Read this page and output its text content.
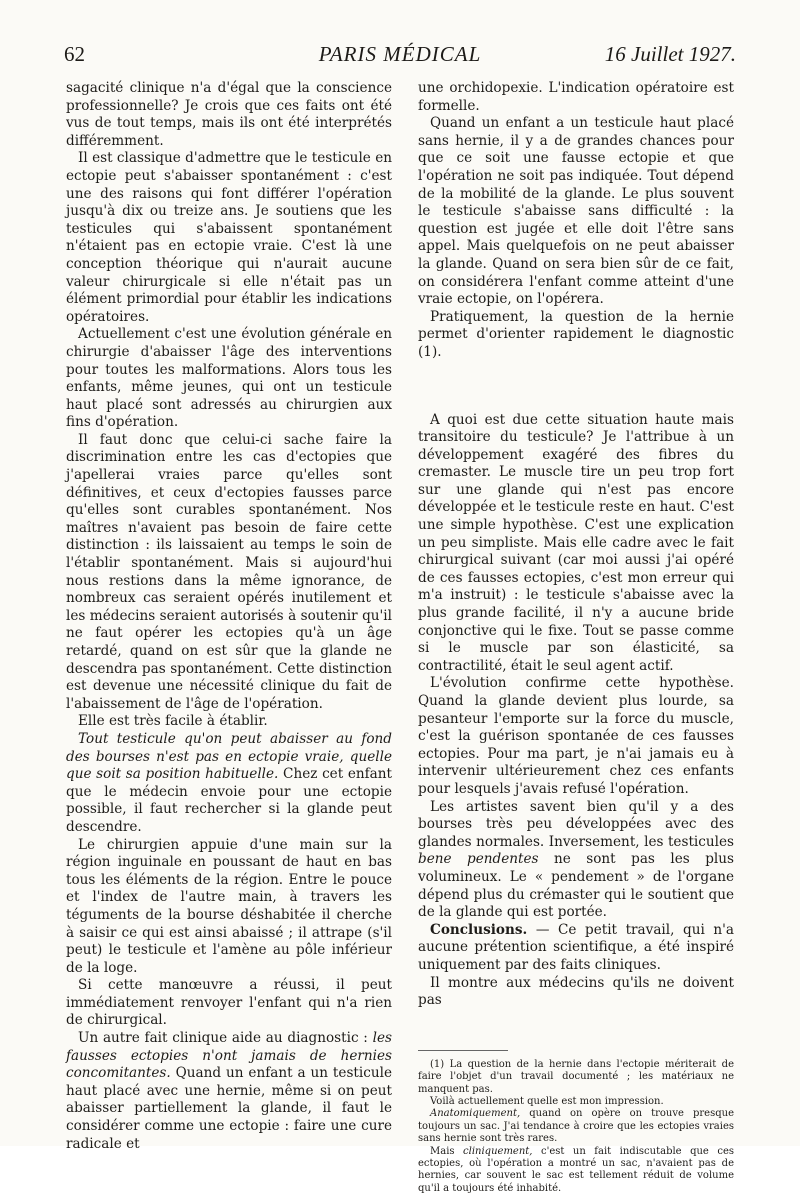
62	PARIS MÉDICAL	16 Juillet 1927.

sagacité clinique n'a d'égal que la conscience professionnelle? Je crois que ces faits ont été vus de tout temps, mais ils ont été interprétés différemment.

Il est classique d'admettre que le testicule en ectopie peut s'abaisser spontanément : c'est une des raisons qui font différer l'opération jusqu'à dix ou treize ans. Je soutiens que les testicules qui s'abaissent spontanément n'étaient pas en ectopie vraie. C'est là une conception théorique qui n'aurait aucune valeur chirurgicale si elle n'était pas un élément primordial pour établir les indications opératoires.

Actuellement c'est une évolution générale en chirurgie d'abaisser l'âge des interventions pour toutes les malformations. Alors tous les enfants, même jeunes, qui ont un testicule haut placé sont adressés au chirurgien aux fins d'opération.

Il faut donc que celui-ci sache faire la discrimination entre les cas d'ectopies que j'apellerai vraies parce qu'elles sont définitives, et ceux d'ectopies fausses parce qu'elles sont curables spontanément. Nos maîtres n'avaient pas besoin de faire cette distinction : ils laissaient au temps le soin de l'établir spontanément. Mais si aujourd'hui nous restions dans la même ignorance, de nombreux cas seraient opérés inutilement et les médecins seraient autorisés à soutenir qu'il ne faut opérer les ectopies qu'à un âge retardé, quand on est sûr que la glande ne descendra pas spontanément. Cette distinction est devenue une nécessité clinique du fait de l'abaissement de l'âge de l'opération.

Elle est très facile à établir.

Tout testicule qu'on peut abaisser au fond des bourses n'est pas en ectopie vraie, quelle que soit sa position habituelle. Chez cet enfant que le médecin envoie pour une ectopie possible, il faut rechercher si la glande peut descendre.

Le chirurgien appuie d'une main sur la région inguinale en poussant de haut en bas tous les éléments de la région. Entre le pouce et l'index de l'autre main, à travers les téguments de la bourse déshabitée il cherche à saisir ce qui est ainsi abaissé ; il attrape (s'il peut) le testicule et l'amène au pôle inférieur de la loge.

Si cette manœuvre a réussi, il peut immédiatement renvoyer l'enfant qui n'a rien de chirurgical.

Un autre fait clinique aide au diagnostic : les fausses ectopies n'ont jamais de hernies concomitantes. Quand un enfant a un testicule haut placé avec une hernie, même si on peut abaisser partiellement la glande, il faut le considérer comme une ectopie : faire une cure radicale et

une orchidopexie. L'indication opératoire est formelle.

Quand un enfant a un testicule haut placé sans hernie, il y a de grandes chances pour que ce soit une fausse ectopie et que l'opération ne soit pas indiquée. Tout dépend de la mobilité de la glande. Le plus souvent le testicule s'abaisse sans difficulté : la question est jugée et elle doit l'être sans appel. Mais quelquefois on ne peut abaisser la glande. Quand on sera bien sûr de ce fait, on considérera l'enfant comme atteint d'une vraie ectopie, on l'opérera.

Pratiquement, la question de la hernie permet d'orienter rapidement le diagnostic (1).

A quoi est due cette situation haute mais transitoire du testicule? Je l'attribue à un développement exagéré des fibres du cremaster. Le muscle tire un peu trop fort sur une glande qui n'est pas encore développée et le testicule reste en haut. C'est une simple hypothèse. C'est une explication un peu simpliste. Mais elle cadre avec le fait chirurgical suivant (car moi aussi j'ai opéré de ces fausses ectopies, c'est mon erreur qui m'a instruit) : le testicule s'abaisse avec la plus grande facilité, il n'y a aucune bride conjonctive qui le fixe. Tout se passe comme si le muscle par son élasticité, sa contractilité, était le seul agent actif.

L'évolution confirme cette hypothèse. Quand la glande devient plus lourde, sa pesanteur l'emporte sur la force du muscle, c'est la guérison spontanée de ces fausses ectopies. Pour ma part, je n'ai jamais eu à intervenir ultérieurement chez ces enfants pour lesquels j'avais refusé l'opération.

Les artistes savent bien qu'il y a des bourses très peu développées avec des glandes normales. Inversement, les testicules bene pendentes ne sont pas les plus volumineux. Le « pendement » de l'organe dépend plus du crémaster qui le soutient que de la glande qui est portée.

Conclusions. — Ce petit travail, qui n'a aucune prétention scientifique, a été inspiré uniquement par des faits cliniques.

Il montre aux médecins qu'ils ne doivent pas

(1) La question de la hernie dans l'ectopie mériterait de faire l'objet d'un travail documenté ; les matériaux ne manquent pas.

Voilà actuellement quelle est mon impression.

Anatomiquement, quand on opère on trouve presque toujours un sac. J'ai tendance à croire que les ectopies vraies sans hernie sont très rares.

Mais cliniquement, c'est un fait indiscutable que ces ectopies, où l'opération a montré un sac, n'avaient pas de hernies, car souvent le sac est tellement réduit de volume qu'il a toujours été inhabité.
